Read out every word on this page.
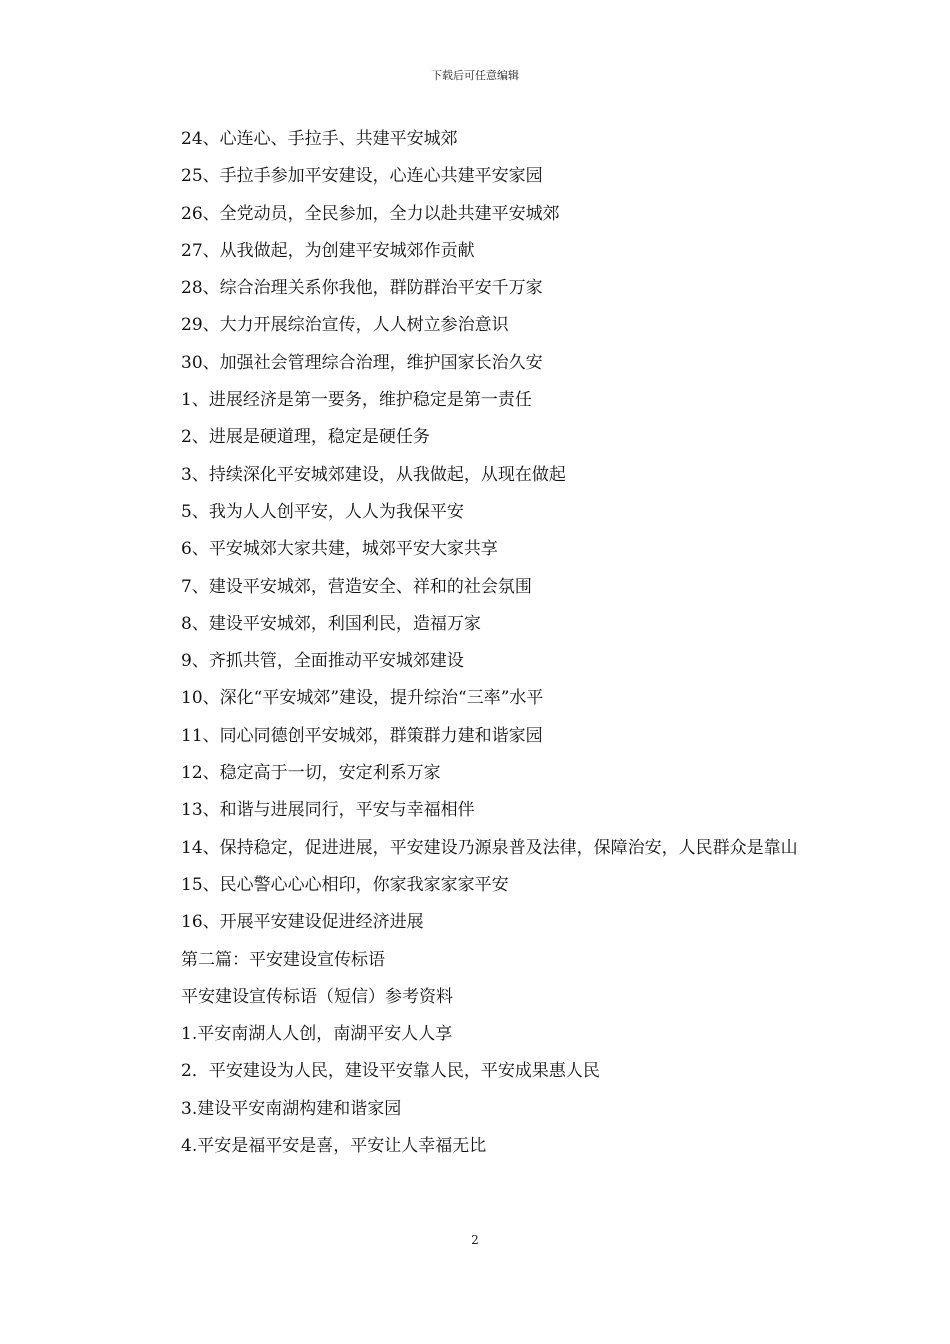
下载后可任意编辑
24、心连心、手拉手、共建平安城郊
25、手拉手参加平安建设，心连心共建平安家园
26、全党动员，全民参加，全力以赴共建平安城郊
27、从我做起，为创建平安城郊作贡献
28、综合治理关系你我他，群防群治平安千万家
29、大力开展综治宣传，人人树立参治意识
30、加强社会管理综合治理，维护国家长治久安
1、进展经济是第一要务，维护稳定是第一责任
2、进展是硬道理，稳定是硬任务
3、持续深化平安城郊建设，从我做起，从现在做起
5、我为人人创平安，人人为我保平安
6、平安城郊大家共建，城郊平安大家共享
7、建设平安城郊，营造安全、祥和的社会氛围
8、建设平安城郊，利国利民，造福万家
9、齐抓共管，全面推动平安城郊建设
10、深化“平安城郊”建设，提升综治“三率”水平
11、同心同德创平安城郊，群策群力建和谐家园
12、稳定高于一切，安定利系万家
13、和谐与进展同行，平安与幸福相伴
14、保持稳定，促进进展，平安建设乃源泉普及法律，保障治安，人民群众是靠山
15、民心警心心心相印，你家我家家家平安
16、开展平安建设促进经济进展
第二篇：平安建设宣传标语
平安建设宣传标语（短信）参考资料
1.平安南湖人人创，南湖平安人人享
2．平安建设为人民，建设平安靠人民，平安成果惠人民
3.建设平安南湖构建和谐家园
4.平安是福平安是喜，平安让人幸福无比
2
